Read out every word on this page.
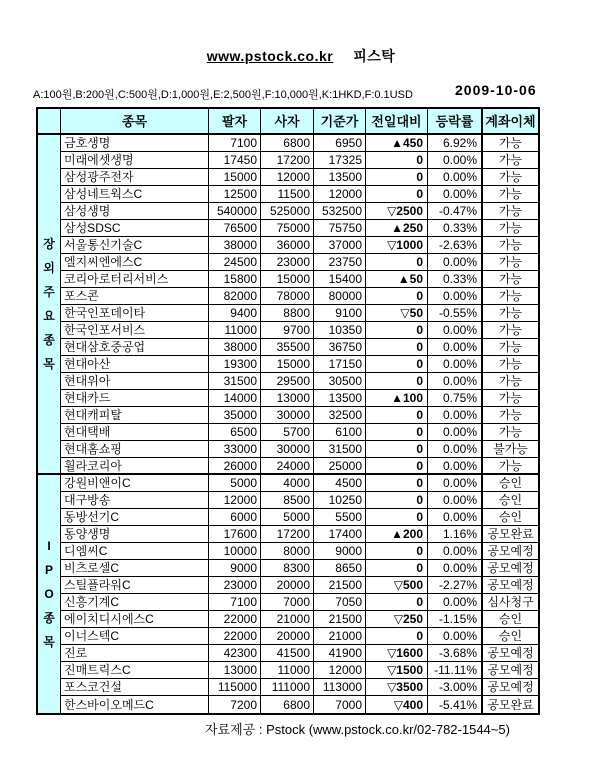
www.pstock.co.kr 피스탁
A:100원,B:200원,C:500원,D:1,000원,E:2,500원,F:10,000원,K:1HKD,F:0.1USD	2009-10-06
장
외
주
요
종
목
I
P
O
종
목
종목	팔자	사자	기준가	전일대비	등락률 계좌이체
금호생명	7100	6800	6950	▲450	6.92%	가능
미래에셋생명	17450	17200	17325	0	0.00%	가능
삼성광주전자	15000	12000	13500	0	0.00%	가능
삼성네트웍스C	12500	11500	12000	0	0.00%	가능
삼성생명	540000	525000 532500	▽2500	-0.47%	가능
삼성SDSC	76500	75000	75750	▲250	0.33%	가능
서울통신기술C	38000	36000	37000	▽1000	-2.63%	가능
엘지씨엔에스C	24500	23000	23750	0	0.00%	가능
코리아로터리서비스	15800	15000	15400	▲50	0.33%	가능
포스콘	82000	78000	80000	0	0.00%	가능
한국인포데이타	9400	8800	9100	▽50	-0.55%	가능
한국인포서비스	11000	9700	10350	0	0.00%	가능
현대삼호중공업	38000	35500	36750	0	0.00%	가능
현대아산	19300	15000	17150	0	0.00%	가능
현대위아	31500	29500	30500	0	0.00%	가능
현대카드	14000	13000	13500	▲100	0.75%	가능
현대캐피탈	35000	30000	32500	0	0.00%	가능
현대택배	6500	5700	6100	0	0.00%	가능
현대홈쇼핑	33000	30000	31500	0	0.00%	불가능
휠라코리아	26000	24000	25000	0	0.00%	가능
강원비앤이C	5000	4000	4500	0	0.00%	승인
대구방송	12000	8500	10250	0	0.00%	승인
동방선기C	6000	5000	5500	0	0.00%	승인
동양생명	17600	17200	17400	▲200	1.16% 공모완료
디엠씨C	10000	8000	9000	0	0.00% 공모예정
비츠로셀C	9000	8300	8650	0	0.00% 공모예정
스틸플라워C	23000	20000	21500	▽500	-2.27% 공모예정
신흥기계C	7100	7000	7050	0	0.00% 심사청구
에이치디시에스C	22000	21000	21500	▽250	-1.15%	승인
이너스텍C	22000	20000	21000	0	0.00%	승인
진로	42300	41500	41900	▽1600	-3.68% 공모예정
진매트릭스C	13000	11000	12000	▽1500 -11.11% 공모예정
포스코건설	115000	111000	113000	▽3500	-3.00% 공모예정
한스바이오메드C	7200	6800	7000	▽400	-5.41% 공모완료
자료제공 : Pstock (www.pstock.co.kr/02-782-1544~5)
